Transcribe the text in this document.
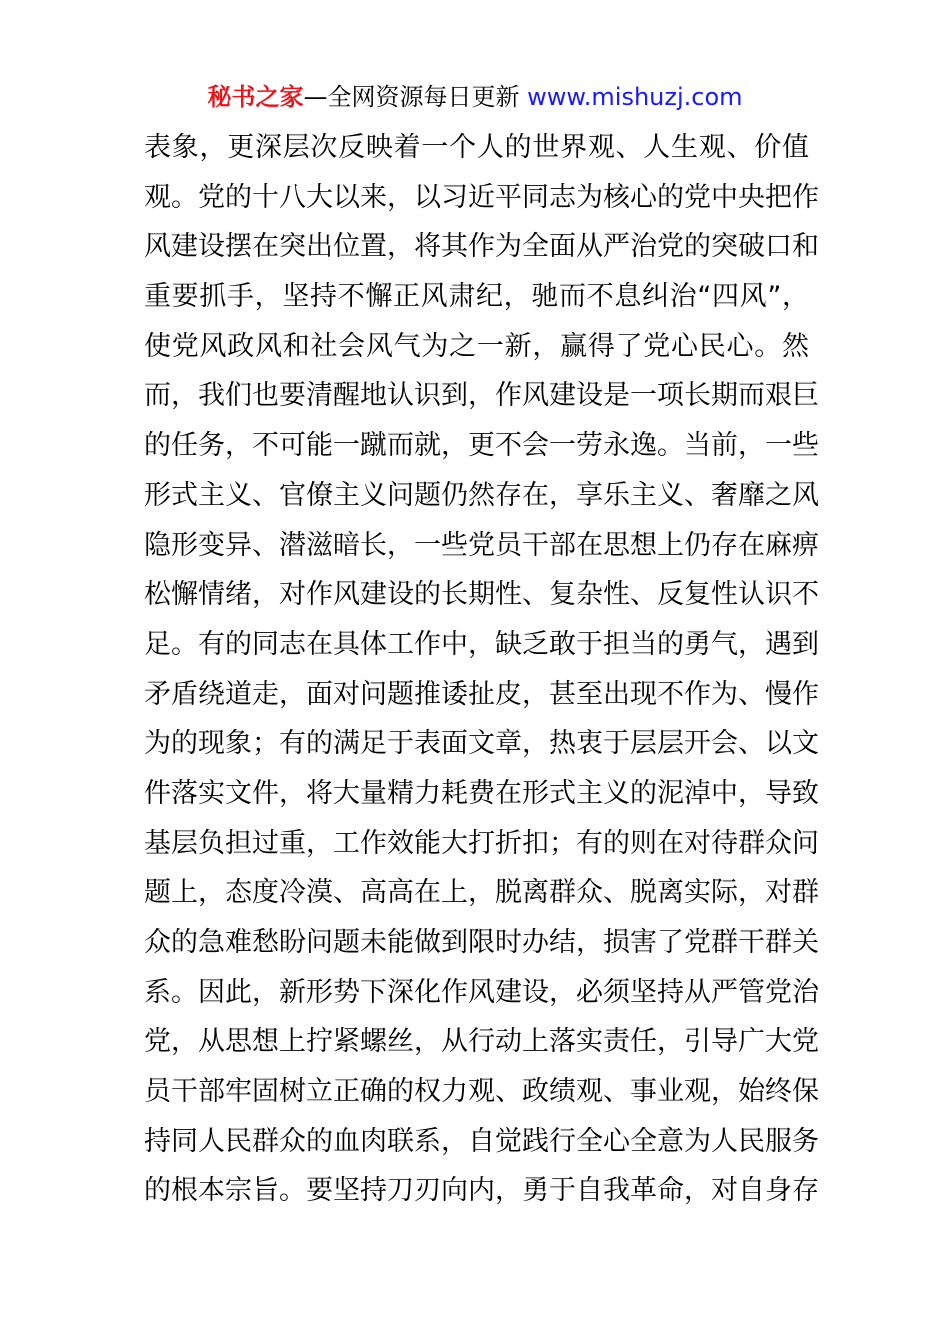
秘书之家—全网资源每日更新 www.mishuzj.com
表象，更深层次反映着一个人的世界观、人生观、价值
观。党的十八大以来，以习近平同志为核心的党中央把作
风建设摆在突出位置，将其作为全面从严治党的突破口和
重要抓手，坚持不懈正风肃纪，驰而不息纠治“四风”，
使党风政风和社会风气为之一新，赢得了党心民心。然
而，我们也要清醒地认识到，作风建设是一项长期而艰巨
的任务，不可能一蹴而就，更不会一劳永逸。当前，一些
形式主义、官僚主义问题仍然存在，享乐主义、奢靡之风
隐形变异、潜滋暗长，一些党员干部在思想上仍存在麻痹
松懈情绪，对作风建设的长期性、复杂性、反复性认识不
足。有的同志在具体工作中，缺乏敢于担当的勇气，遇到
矛盾绕道走，面对问题推诿扯皮，甚至出现不作为、慢作
为的现象；有的满足于表面文章，热衷于层层开会、以文
件落实文件，将大量精力耗费在形式主义的泥淖中，导致
基层负担过重，工作效能大打折扣；有的则在对待群众问
题上，态度冷漠、高高在上，脱离群众、脱离实际，对群
众的急难愁盼问题未能做到限时办结，损害了党群干群关
系。因此，新形势下深化作风建设，必须坚持从严管党治
党，从思想上拧紧螺丝，从行动上落实责任，引导广大党
员干部牢固树立正确的权力观、政绩观、事业观，始终保
持同人民群众的血肉联系，自觉践行全心全意为人民服务
的根本宗旨。要坚持刀刃向内，勇于自我革命，对自身存
